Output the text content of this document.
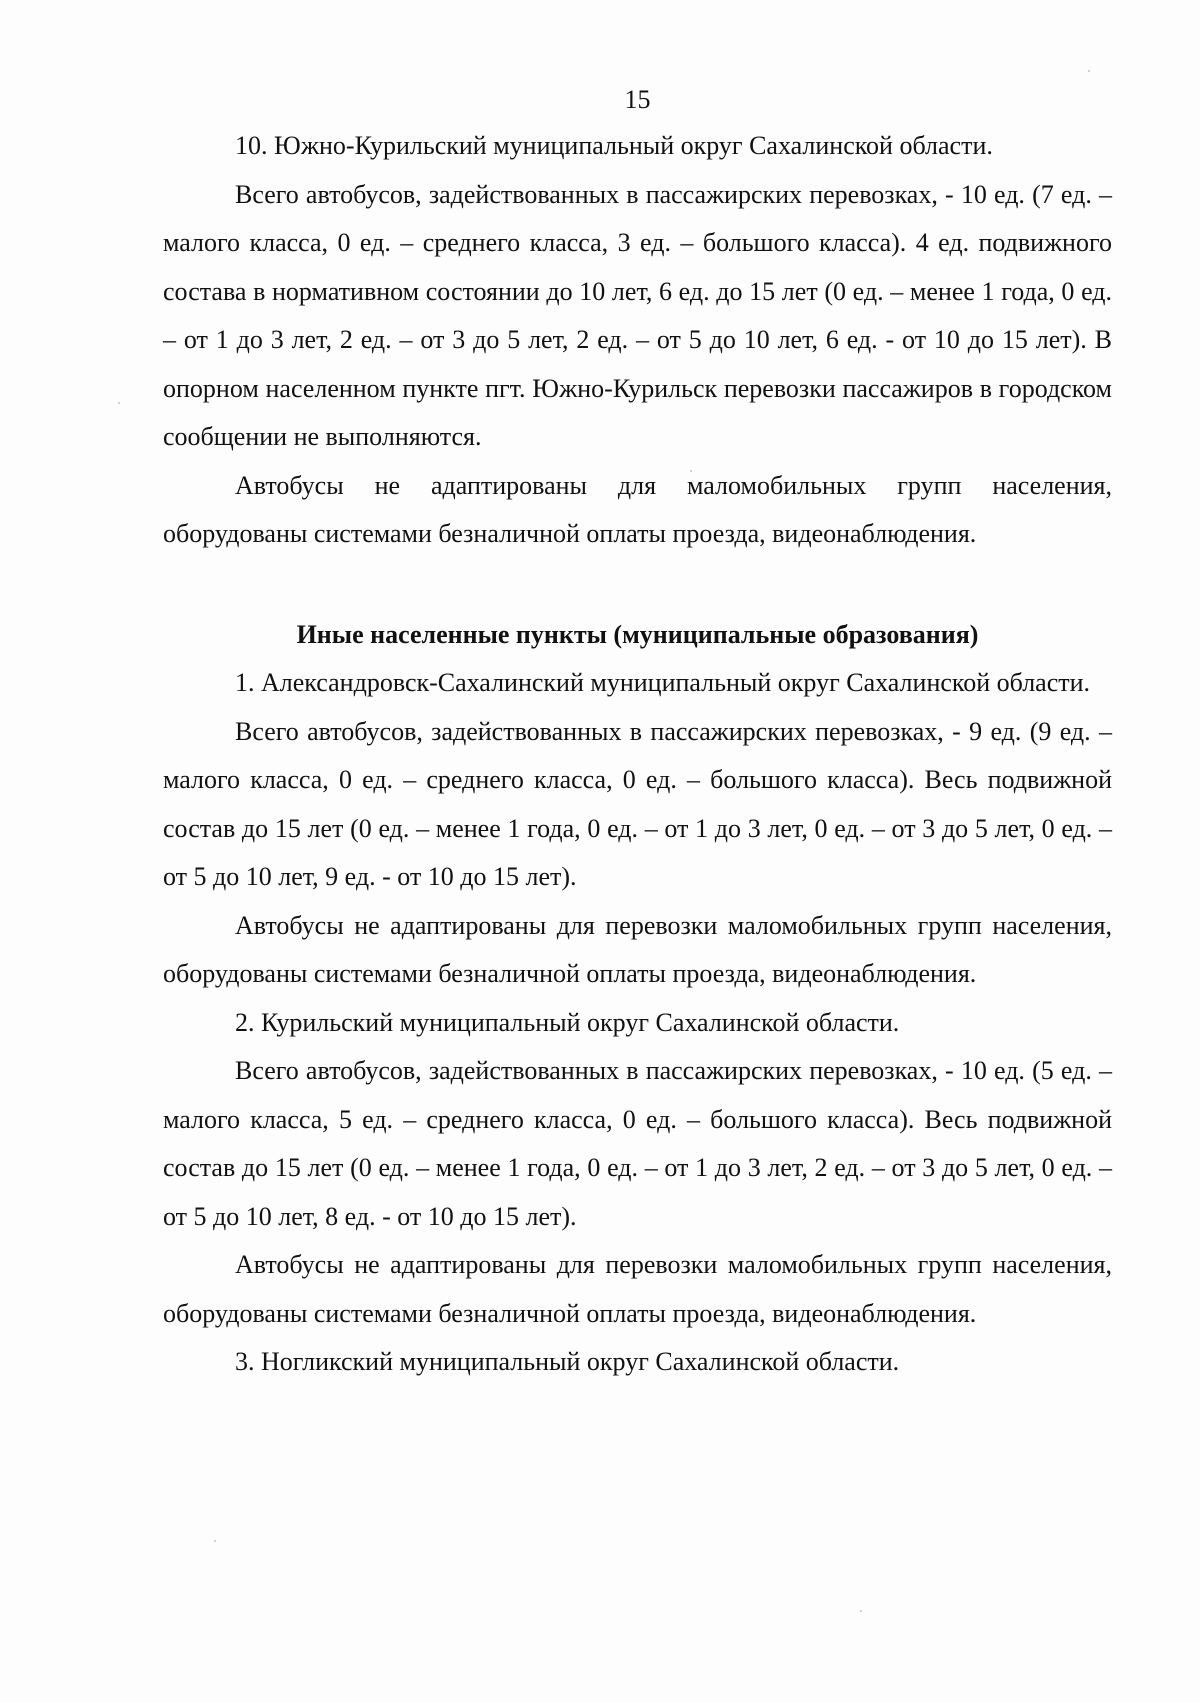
15

10. Южно-Курильский муниципальный округ Сахалинской области.

Всего автобусов, задействованных в пассажирских перевозках, - 10 ед. (7 ед. – малого класса, 0 ед. – среднего класса, 3 ед. – большого класса). 4 ед. подвижного состава в нормативном состоянии до 10 лет, 6 ед. до 15 лет (0 ед. – менее 1 года, 0 ед. – от 1 до 3 лет, 2 ед. – от 3 до 5 лет, 2 ед. – от 5 до 10 лет, 6 ед. - от 10 до 15 лет). В опорном населенном пункте пгт. Южно-Курильск перевозки пассажиров в городском сообщении не выполняются.

Автобусы не адаптированы для маломобильных групп населения, оборудованы системами безналичной оплаты проезда, видеонаблюдения.

Иные населенные пункты (муниципальные образования)

1. Александровск-Сахалинский муниципальный округ Сахалинской области.

Всего автобусов, задействованных в пассажирских перевозках, - 9 ед. (9 ед. – малого класса, 0 ед. – среднего класса, 0 ед. – большого класса). Весь подвижной состав до 15 лет (0 ед. – менее 1 года, 0 ед. – от 1 до 3 лет, 0 ед. – от 3 до 5 лет, 0 ед. – от 5 до 10 лет, 9 ед. - от 10 до 15 лет).

Автобусы не адаптированы для перевозки маломобильных групп населения, оборудованы системами безналичной оплаты проезда, видеонаблюдения.

2. Курильский муниципальный округ Сахалинской области.

Всего автобусов, задействованных в пассажирских перевозках, - 10 ед. (5 ед. – малого класса, 5 ед. – среднего класса, 0 ед. – большого класса). Весь подвижной состав до 15 лет (0 ед. – менее 1 года, 0 ед. – от 1 до 3 лет, 2 ед. – от 3 до 5 лет, 0 ед. – от 5 до 10 лет, 8 ед. - от 10 до 15 лет).

Автобусы не адаптированы для перевозки маломобильных групп населения, оборудованы системами безналичной оплаты проезда, видеонаблюдения.

3. Ногликский муниципальный округ Сахалинской области.
